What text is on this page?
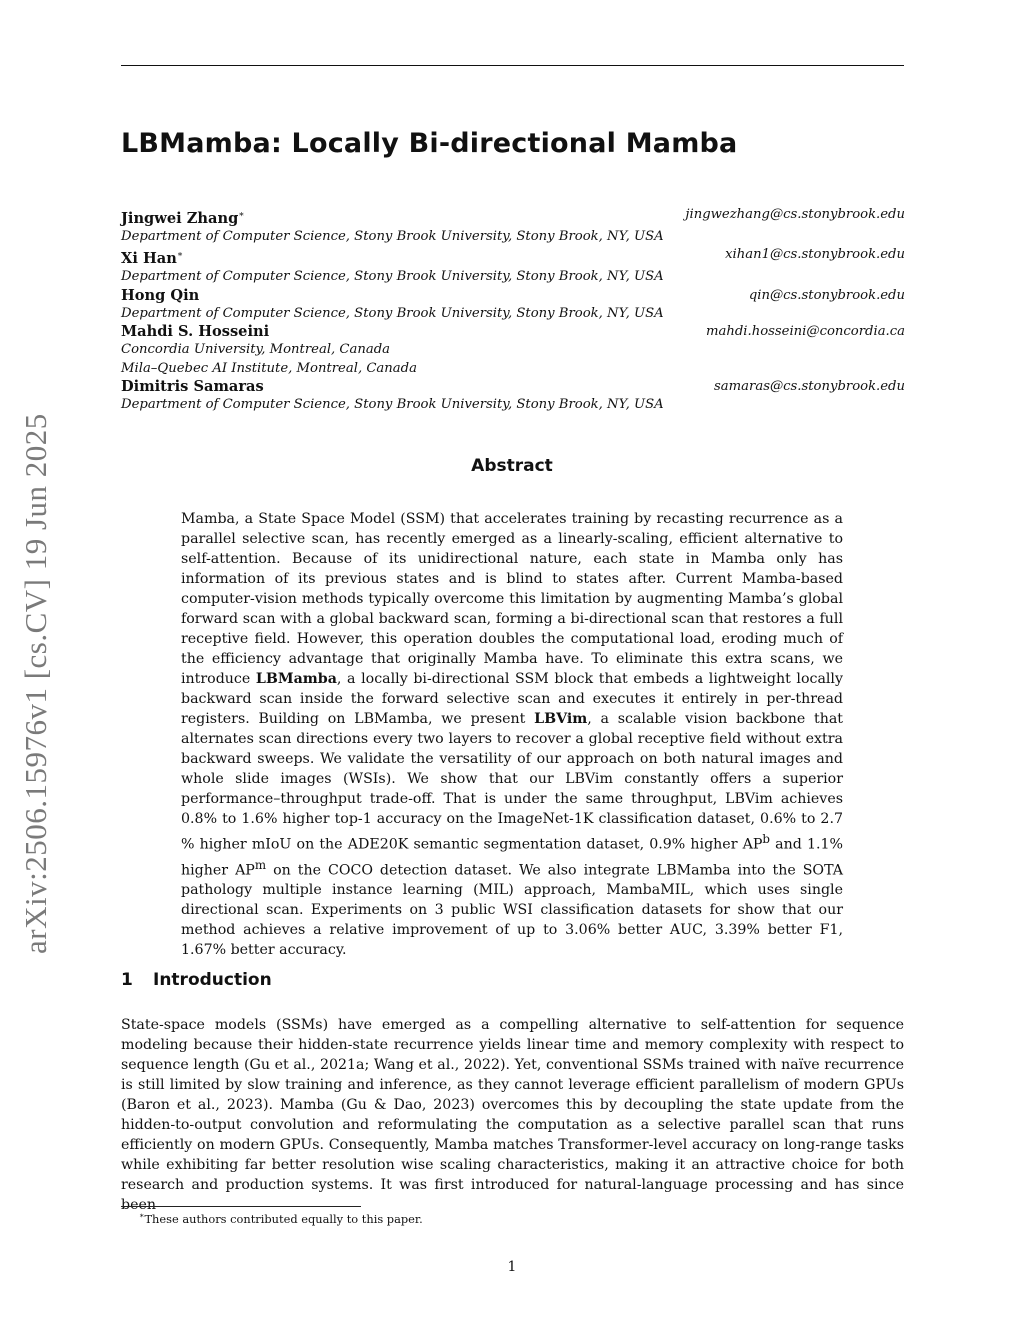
LBMamba: Locally Bi-directional Mamba
Jingwei Zhang∗	jingwezhang@cs.stonybrook.edu
Department of Computer Science, Stony Brook University, Stony Brook, NY, USA
Xi Han∗	xihan1@cs.stonybrook.edu
Department of Computer Science, Stony Brook University, Stony Brook, NY, USA
Hong Qin	qin@cs.stonybrook.edu
Department of Computer Science, Stony Brook University, Stony Brook, NY, USA
Mahdi S. Hosseini	mahdi.hosseini@concordia.ca
Concordia University, Montreal, Canada
Mila–Quebec AI Institute, Montreal, Canada
Dimitris Samaras	samaras@cs.stonybrook.edu
Department of Computer Science, Stony Brook University, Stony Brook, NY, USA
arXiv:2506.15976v1 [cs.CV] 19 Jun 2025	Abstract
Mamba, a State Space Model (SSM) that accelerates training by recasting recurrence as a parallel selective scan, has recently emerged as a linearly-scaling, efficient alternative to self-attention. Because of its unidirectional nature, each state in Mamba only has information of its previous states and is blind to states after. Current Mamba-based computer-vision methods typically overcome this limitation by augmenting Mamba’s global forward scan with a global backward scan, forming a bi-directional scan that restores a full receptive field. However, this operation doubles the computational load, eroding much of the efficiency advantage that originally Mamba have. To eliminate this extra scans, we introduce LBMamba, a locally bi-directional SSM block that embeds a lightweight locally backward scan inside the forward selective scan and executes it entirely in per-thread registers. Building on LBMamba, we present LBVim, a scalable vision backbone that alternates scan directions every two layers to recover a global receptive field without extra backward sweeps. We validate the versatility of our approach on both natural images and whole slide images (WSIs). We show that our LBVim constantly offers a superior performance–throughput trade-off. That is under the same throughput, LBVim achieves 0.8% to 1.6% higher top-1 accuracy on the ImageNet-1K classification dataset, 0.6% to 2.7 % higher mIoU on the ADE20K semantic segmentation dataset, 0.9% higher $AP^b$ and 1.1% higher $AP^m$ on the COCO detection dataset. We also integrate LBMamba into the SOTA pathology multiple instance learning (MIL) approach, MambaMIL, which uses single directional scan. Experiments on 3 public WSI classification datasets for show that our method achieves a relative improvement of up to 3.06% better AUC, 3.39% better F1, 1.67% better accuracy.
1 Introduction
State-space models (SSMs) have emerged as a compelling alternative to self-attention for sequence modeling because their hidden-state recurrence yields linear time and memory complexity with respect to sequence length (Gu et al., 2021a; Wang et al., 2022). Yet, conventional SSMs trained with naïve recurrence is still limited by slow training and inference, as they cannot leverage efficient parallelism of modern GPUs (Baron et al., 2023). Mamba (Gu & Dao, 2023) overcomes this by decoupling the state update from the hidden-to-output convolution and reformulating the computation as a selective parallel scan that runs efficiently on modern GPUs. Consequently, Mamba matches Transformer-level accuracy on long-range tasks while exhibiting far better resolution wise scaling characteristics, making it an attractive choice for both research and production systems. It was first introduced for natural-language processing and has since been
∗These authors contributed equally to this paper.
1
